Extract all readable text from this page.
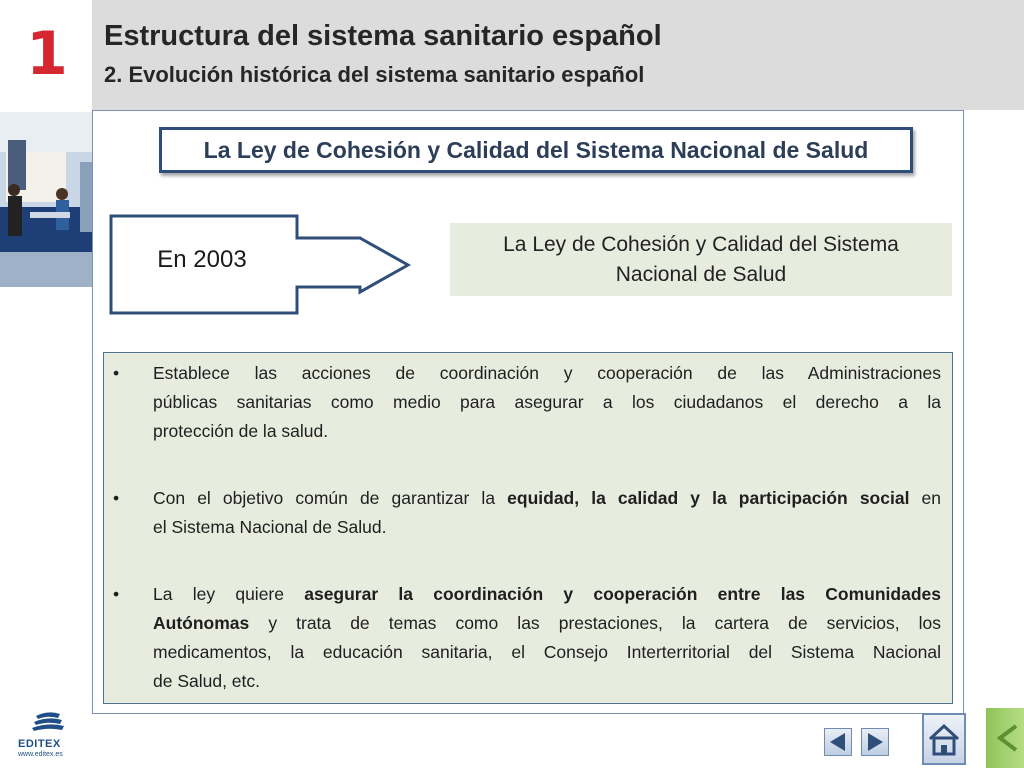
1 Estructura del sistema sanitario español
2. Evolución histórica del sistema sanitario español
La Ley de Cohesión y Calidad del Sistema Nacional de Salud
En 2003
La Ley de Cohesión y Calidad del Sistema
Nacional de Salud
• Establece las acciones de coordinación y cooperación de las Administraciones
públicas sanitarias como medio para asegurar a los ciudadanos el derecho a la
protección de la salud.
• Con el objetivo común de garantizar la equidad, la calidad y la participación social en
el Sistema Nacional de Salud.
• La ley quiere asegurar la coordinación y cooperación entre las Comunidades
Autónomas y trata de temas como las prestaciones, la cartera de servicios, los
medicamentos, la educación sanitaria, el Consejo Interterritorial del Sistema Nacional
de Salud, etc.
EDITEX
www.editex.es
